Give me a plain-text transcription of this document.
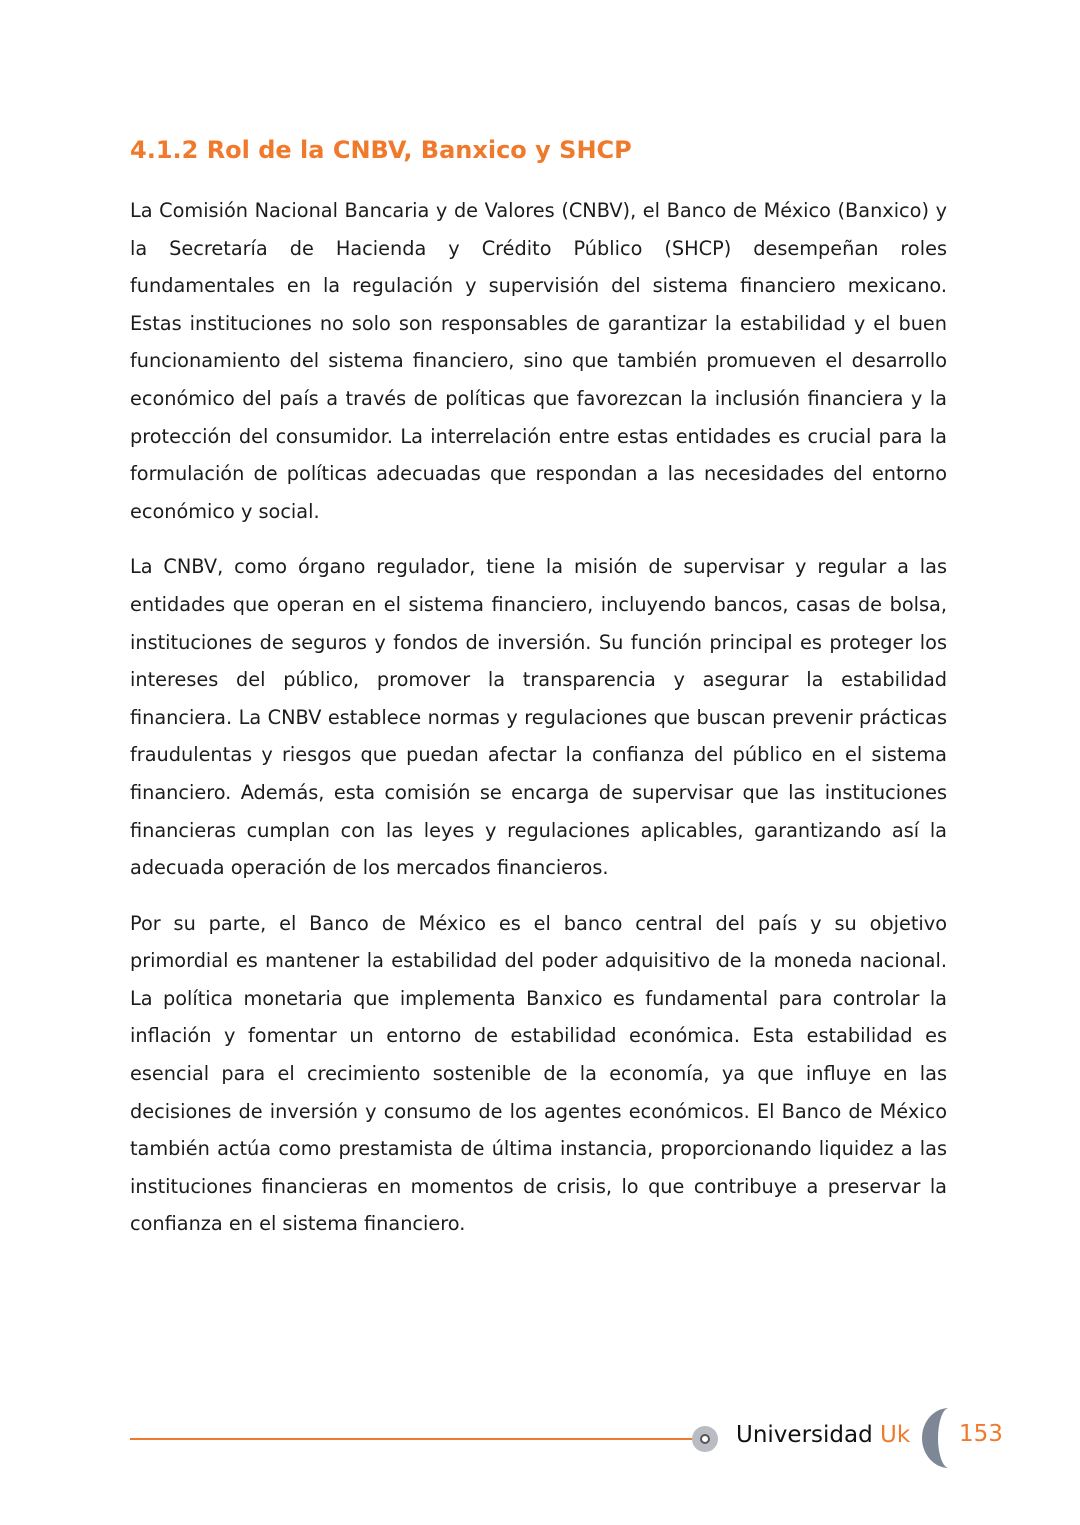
4.1.2 Rol de la CNBV, Banxico y SHCP

La Comisión Nacional Bancaria y de Valores (CNBV), el Banco de México (Banxico) y la Secretaría de Hacienda y Crédito Público (SHCP) desempeñan roles fundamentales en la regulación y supervisión del sistema financiero mexicano. Estas instituciones no solo son responsables de garantizar la estabilidad y el buen funcionamiento del sistema financiero, sino que también promueven el desarrollo económico del país a través de políticas que favorezcan la inclusión financiera y la protección del consumidor. La interrelación entre estas entidades es crucial para la formulación de políticas adecuadas que respondan a las necesidades del entorno económico y social.

La CNBV, como órgano regulador, tiene la misión de supervisar y regular a las entidades que operan en el sistema financiero, incluyendo bancos, casas de bolsa, instituciones de seguros y fondos de inversión. Su función principal es proteger los intereses del público, promover la transparencia y asegurar la estabilidad financiera. La CNBV establece normas y regulaciones que buscan prevenir prácticas fraudulentas y riesgos que puedan afectar la confianza del público en el sistema financiero. Además, esta comisión se encarga de supervisar que las instituciones financieras cumplan con las leyes y regulaciones aplicables, garantizando así la adecuada operación de los mercados financieros.

Por su parte, el Banco de México es el banco central del país y su objetivo primordial es mantener la estabilidad del poder adquisitivo de la moneda nacional. La política monetaria que implementa Banxico es fundamental para controlar la inflación y fomentar un entorno de estabilidad económica. Esta estabilidad es esencial para el crecimiento sostenible de la economía, ya que influye en las decisiones de inversión y consumo de los agentes económicos. El Banco de México también actúa como prestamista de última instancia, proporcionando liquidez a las instituciones financieras en momentos de crisis, lo que contribuye a preservar la confianza en el sistema financiero.

Universidad Uk 153
